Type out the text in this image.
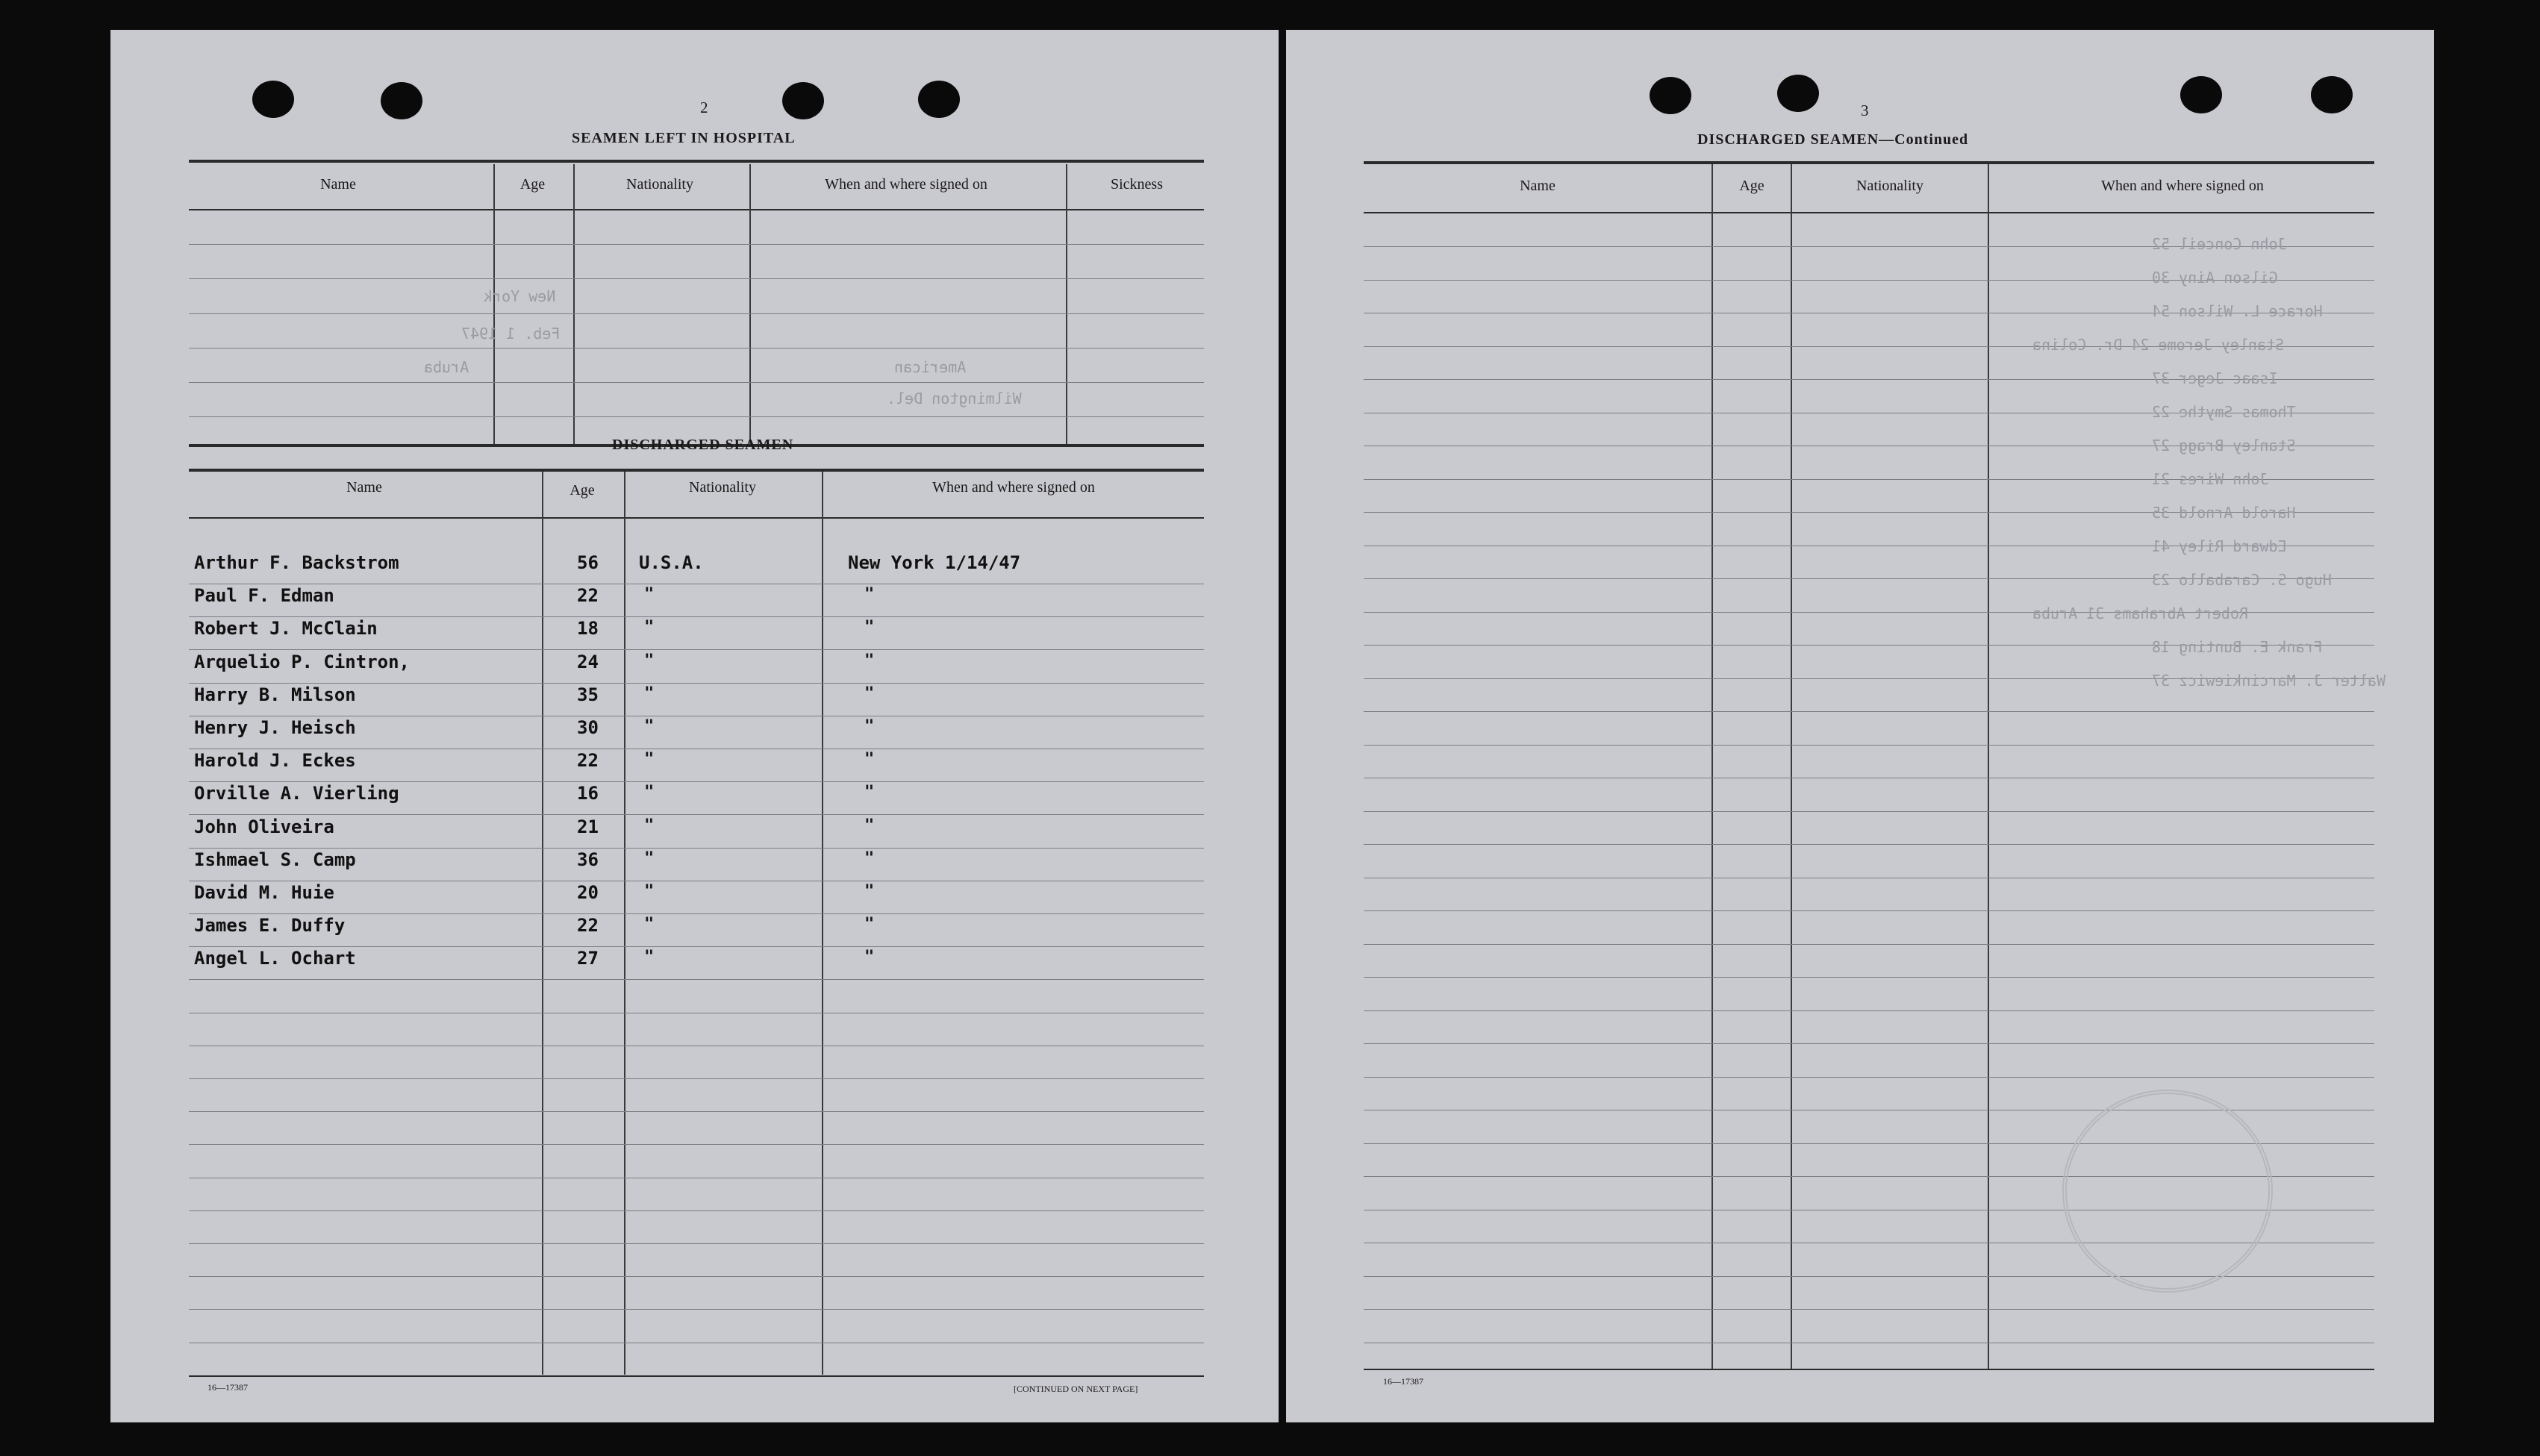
2
SEAMEN LEFT IN HOSPITAL
Name	Age	Nationality	When and where signed on	Sickness
New York
Feb. 1 1947
Aruba	American
Wilmington Del.
DISCHARGED SEAMEN
Name	Age	Nationality	When and where signed on
Arthur F. Backstrom	56 U.S.A.	New York 1/14/47
Paul F. Edman	22	"	"
Robert J. McClain	18	"	"
Arquelio P. Cintron,	24	"	"
Harry B. Milson	35	"	"
Henry J. Heisch	30	"	"
Harold J. Eckes	22	"	"
Orville A. Vierling	16	"	"
John Oliveira	21	"	"
Ishmael S. Camp	36	"	"
David M. Huie	20	"	"
James E. Duffy	22	"	"
Angel L. Ochart	27	"	"
16—17387	[CONTINUED ON NEXT PAGE]
3
DISCHARGED SEAMEN—Continued
Name	Age	Nationality	When and where signed on
John Conceil 52
Gilson Ainy 30
Horace L. Wilson 54
Stanley Jerome 24 Dr. Colina
Isaac Jeger 37
Thomas Smythe 22
Stanley Bragg 27
John Wires 21
Harold Arnold 35
Edward Riley 41
Hugo S. Caraballo 23
Robert Abrahams 31 Aruba
Frank E. Bunting 18
Walter J. Marcinkiewicz 37
16—17387
